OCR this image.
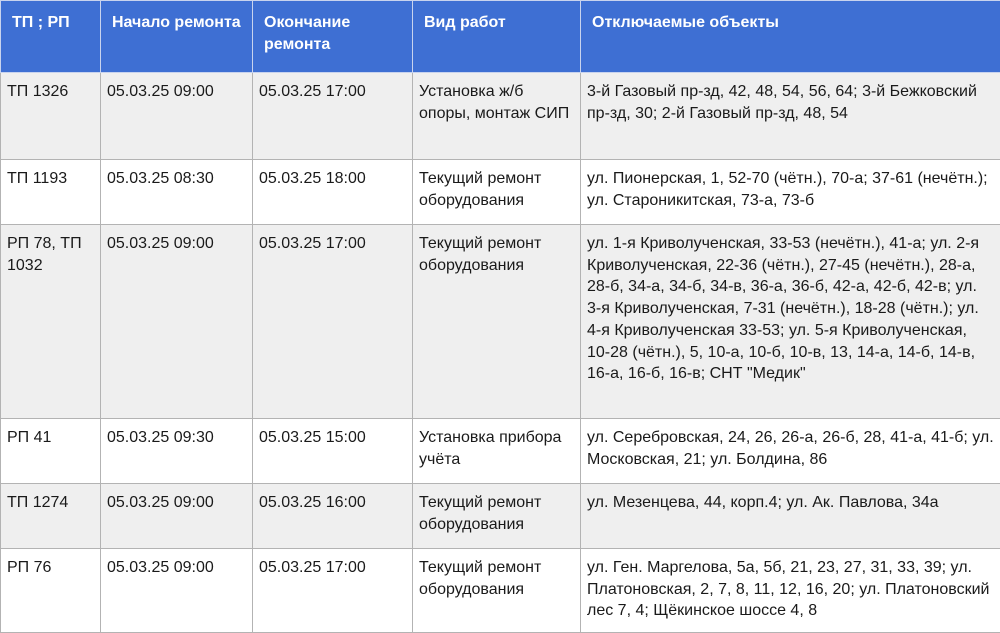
ТП ; РП	Начало ремонта	Окончание ремонта	Вид работ	Отключаемые объекты
ТП 1326	05.03.25 09:00	05.03.25 17:00	Установка ж/б опоры, монтаж СИП	3-й Газовый пр-зд, 42, 48, 54, 56, 64; 3-й Бежковский пр-зд, 30; 2-й Газовый пр-зд, 48, 54
ТП 1193	05.03.25 08:30	05.03.25 18:00	Текущий ремонт оборудования	ул. Пионерская, 1, 52-70 (чётн.), 70-а; 37-61 (нечётн.); ул. Староникитская, 73-а, 73-б
РП 78, ТП 1032	05.03.25 09:00	05.03.25 17:00	Текущий ремонт оборудования	ул. 1-я Криволученская, 33-53 (нечётн.), 41-а; ул. 2-я Криволученская, 22-36 (чётн.), 27-45 (нечётн.), 28-а, 28-б, 34-а, 34-б, 34-в, 36-а, 36-б, 42-а, 42-б, 42-в; ул. 3-я Криволученская, 7-31 (нечётн.), 18-28 (чётн.); ул. 4-я Криволученская 33-53; ул. 5-я Криволученская, 10-28 (чётн.), 5, 10-а, 10-б, 10-в, 13, 14-а, 14-б, 14-в, 16-а, 16-б, 16-в; СНТ "Медик"
РП 41	05.03.25 09:30	05.03.25 15:00	Установка прибора учёта	ул. Серебровская, 24, 26, 26-а, 26-б, 28, 41-а, 41-б; ул. Московская, 21; ул. Болдина, 86
ТП 1274	05.03.25 09:00	05.03.25 16:00	Текущий ремонт оборудования	ул. Мезенцева, 44, корп.4; ул. Ак. Павлова, 34а
РП 76	05.03.25 09:00	05.03.25 17:00	Текущий ремонт оборудования	ул. Ген. Маргелова, 5а, 5б, 21, 23, 27, 31, 33, 39; ул. Платоновская, 2, 7, 8, 11, 12, 16, 20; ул. Платоновский лес 7, 4; Щёкинское шоссе 4, 8
